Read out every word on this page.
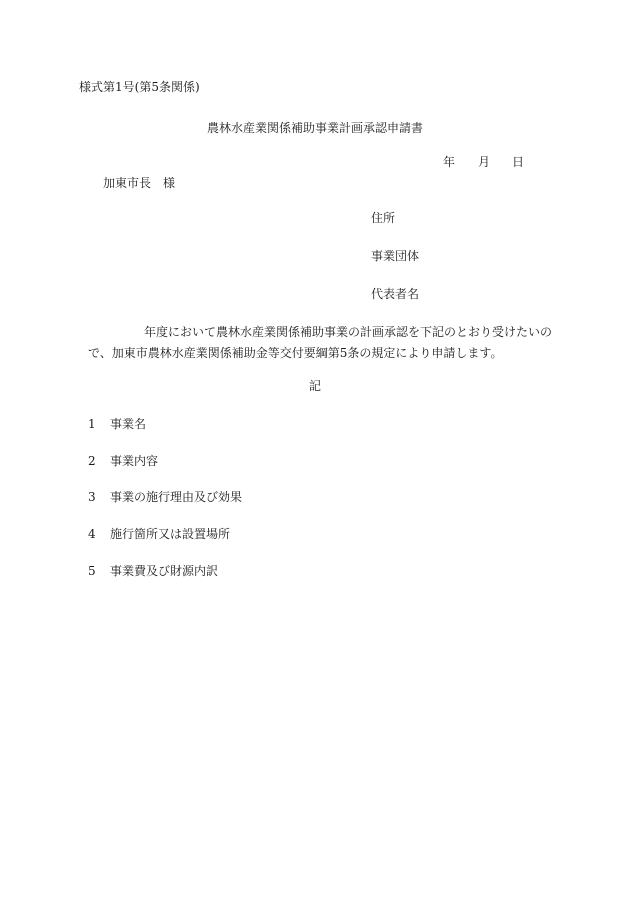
様式第1号(第5条関係)
農林水産業関係補助事業計画承認申請書
年 月 日
加東市長　様
住所
事業団体
代表者名
年度において農林水産業関係補助事業の計画承認を下記のとおり受けたいの
で、加東市農林水産業関係補助金等交付要綱第5条の規定により申請します。
記
1 事業名
2 事業内容
3 事業の施行理由及び効果
4 施行箇所又は設置場所
5 事業費及び財源内訳
